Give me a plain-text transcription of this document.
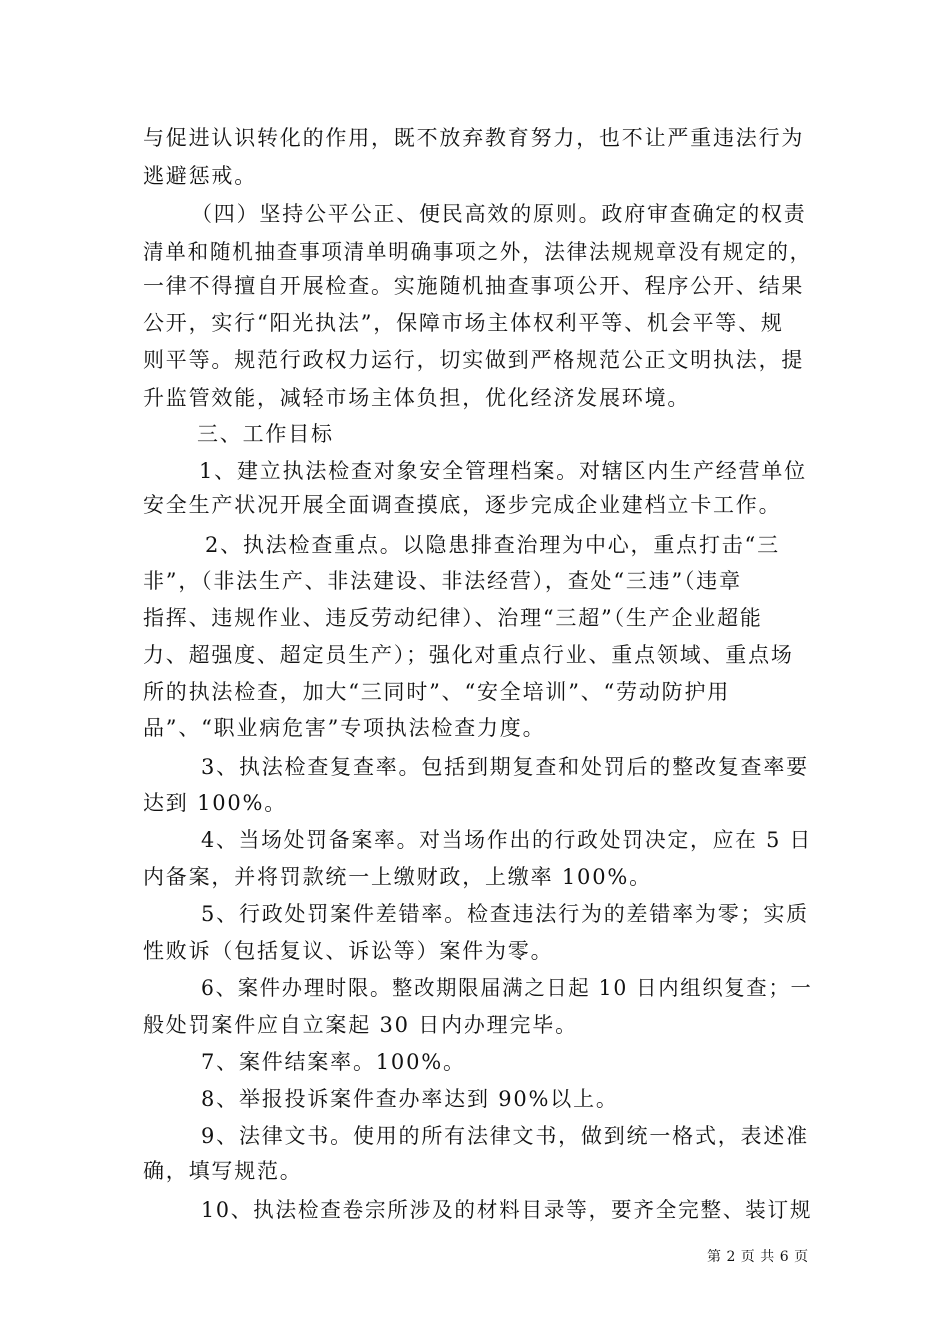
与促进认识转化的作用，既不放弃教育努力，也不让严重违法行为
逃避惩戒。
（四）坚持公平公正、便民高效的原则。政府审查确定的权责
清单和随机抽查事项清单明确事项之外，法律法规规章没有规定的，
一律不得擅自开展检查。实施随机抽查事项公开、程序公开、结果
公开，实行“阳光执法”，保障市场主体权利平等、机会平等、规
则平等。规范行政权力运行，切实做到严格规范公正文明执法，提
升监管效能，减轻市场主体负担，优化经济发展环境。
三、工作目标
1、建立执法检查对象安全管理档案。对辖区内生产经营单位
安全生产状况开展全面调查摸底，逐步完成企业建档立卡工作。
2、执法检查重点。以隐患排查治理为中心，重点打击“三
非”，（非法生产、非法建设、非法经营），查处“三违”（违章
指挥、违规作业、违反劳动纪律）、治理“三超”（生产企业超能
力、超强度、超定员生产）；强化对重点行业、重点领域、重点场
所的执法检查，加大“三同时”、“安全培训”、“劳动防护用
品”、“职业病危害”专项执法检查力度。
3、执法检查复查率。包括到期复查和处罚后的整改复查率要
达到 100%。
4、当场处罚备案率。对当场作出的行政处罚决定，应在 5 日
内备案，并将罚款统一上缴财政，上缴率 100%。
5、行政处罚案件差错率。检查违法行为的差错率为零；实质
性败诉（包括复议、诉讼等）案件为零。
6、案件办理时限。整改期限届满之日起 10 日内组织复查；一
般处罚案件应自立案起 30 日内办理完毕。
7、案件结案率。100%。
8、举报投诉案件查办率达到 90%以上。
9、法律文书。使用的所有法律文书，做到统一格式，表述准
确，填写规范。
10、执法检查卷宗所涉及的材料目录等，要齐全完整、装订规
第 2 页 共 6 页
